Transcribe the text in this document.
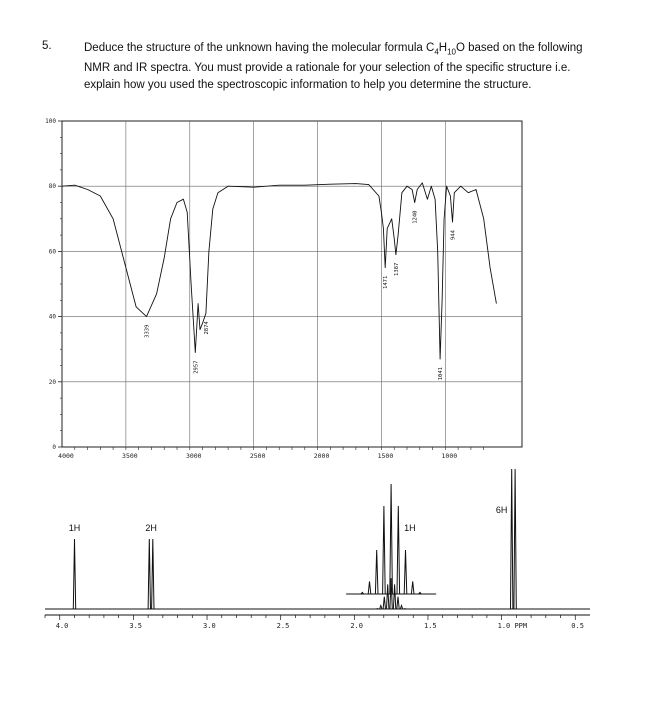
5.	Deduce the structure of the unknown having the molecular formula $C_4H_{10}O$ based on the following NMR and IR spectra. You must provide a rationale for your selection of the specific structure i.e. explain how you used the spectroscopic information to help you determine the structure.
4000	3500	3000	2500	2000	1500	1000
100
80
60
40
20
0
3339
2957
2874
1471
1387
1240
1041
944
4.0	3.5	3.0	2.5	2.0	1.5	1.0 PPM	0.5
1H	2H	1H
6H
